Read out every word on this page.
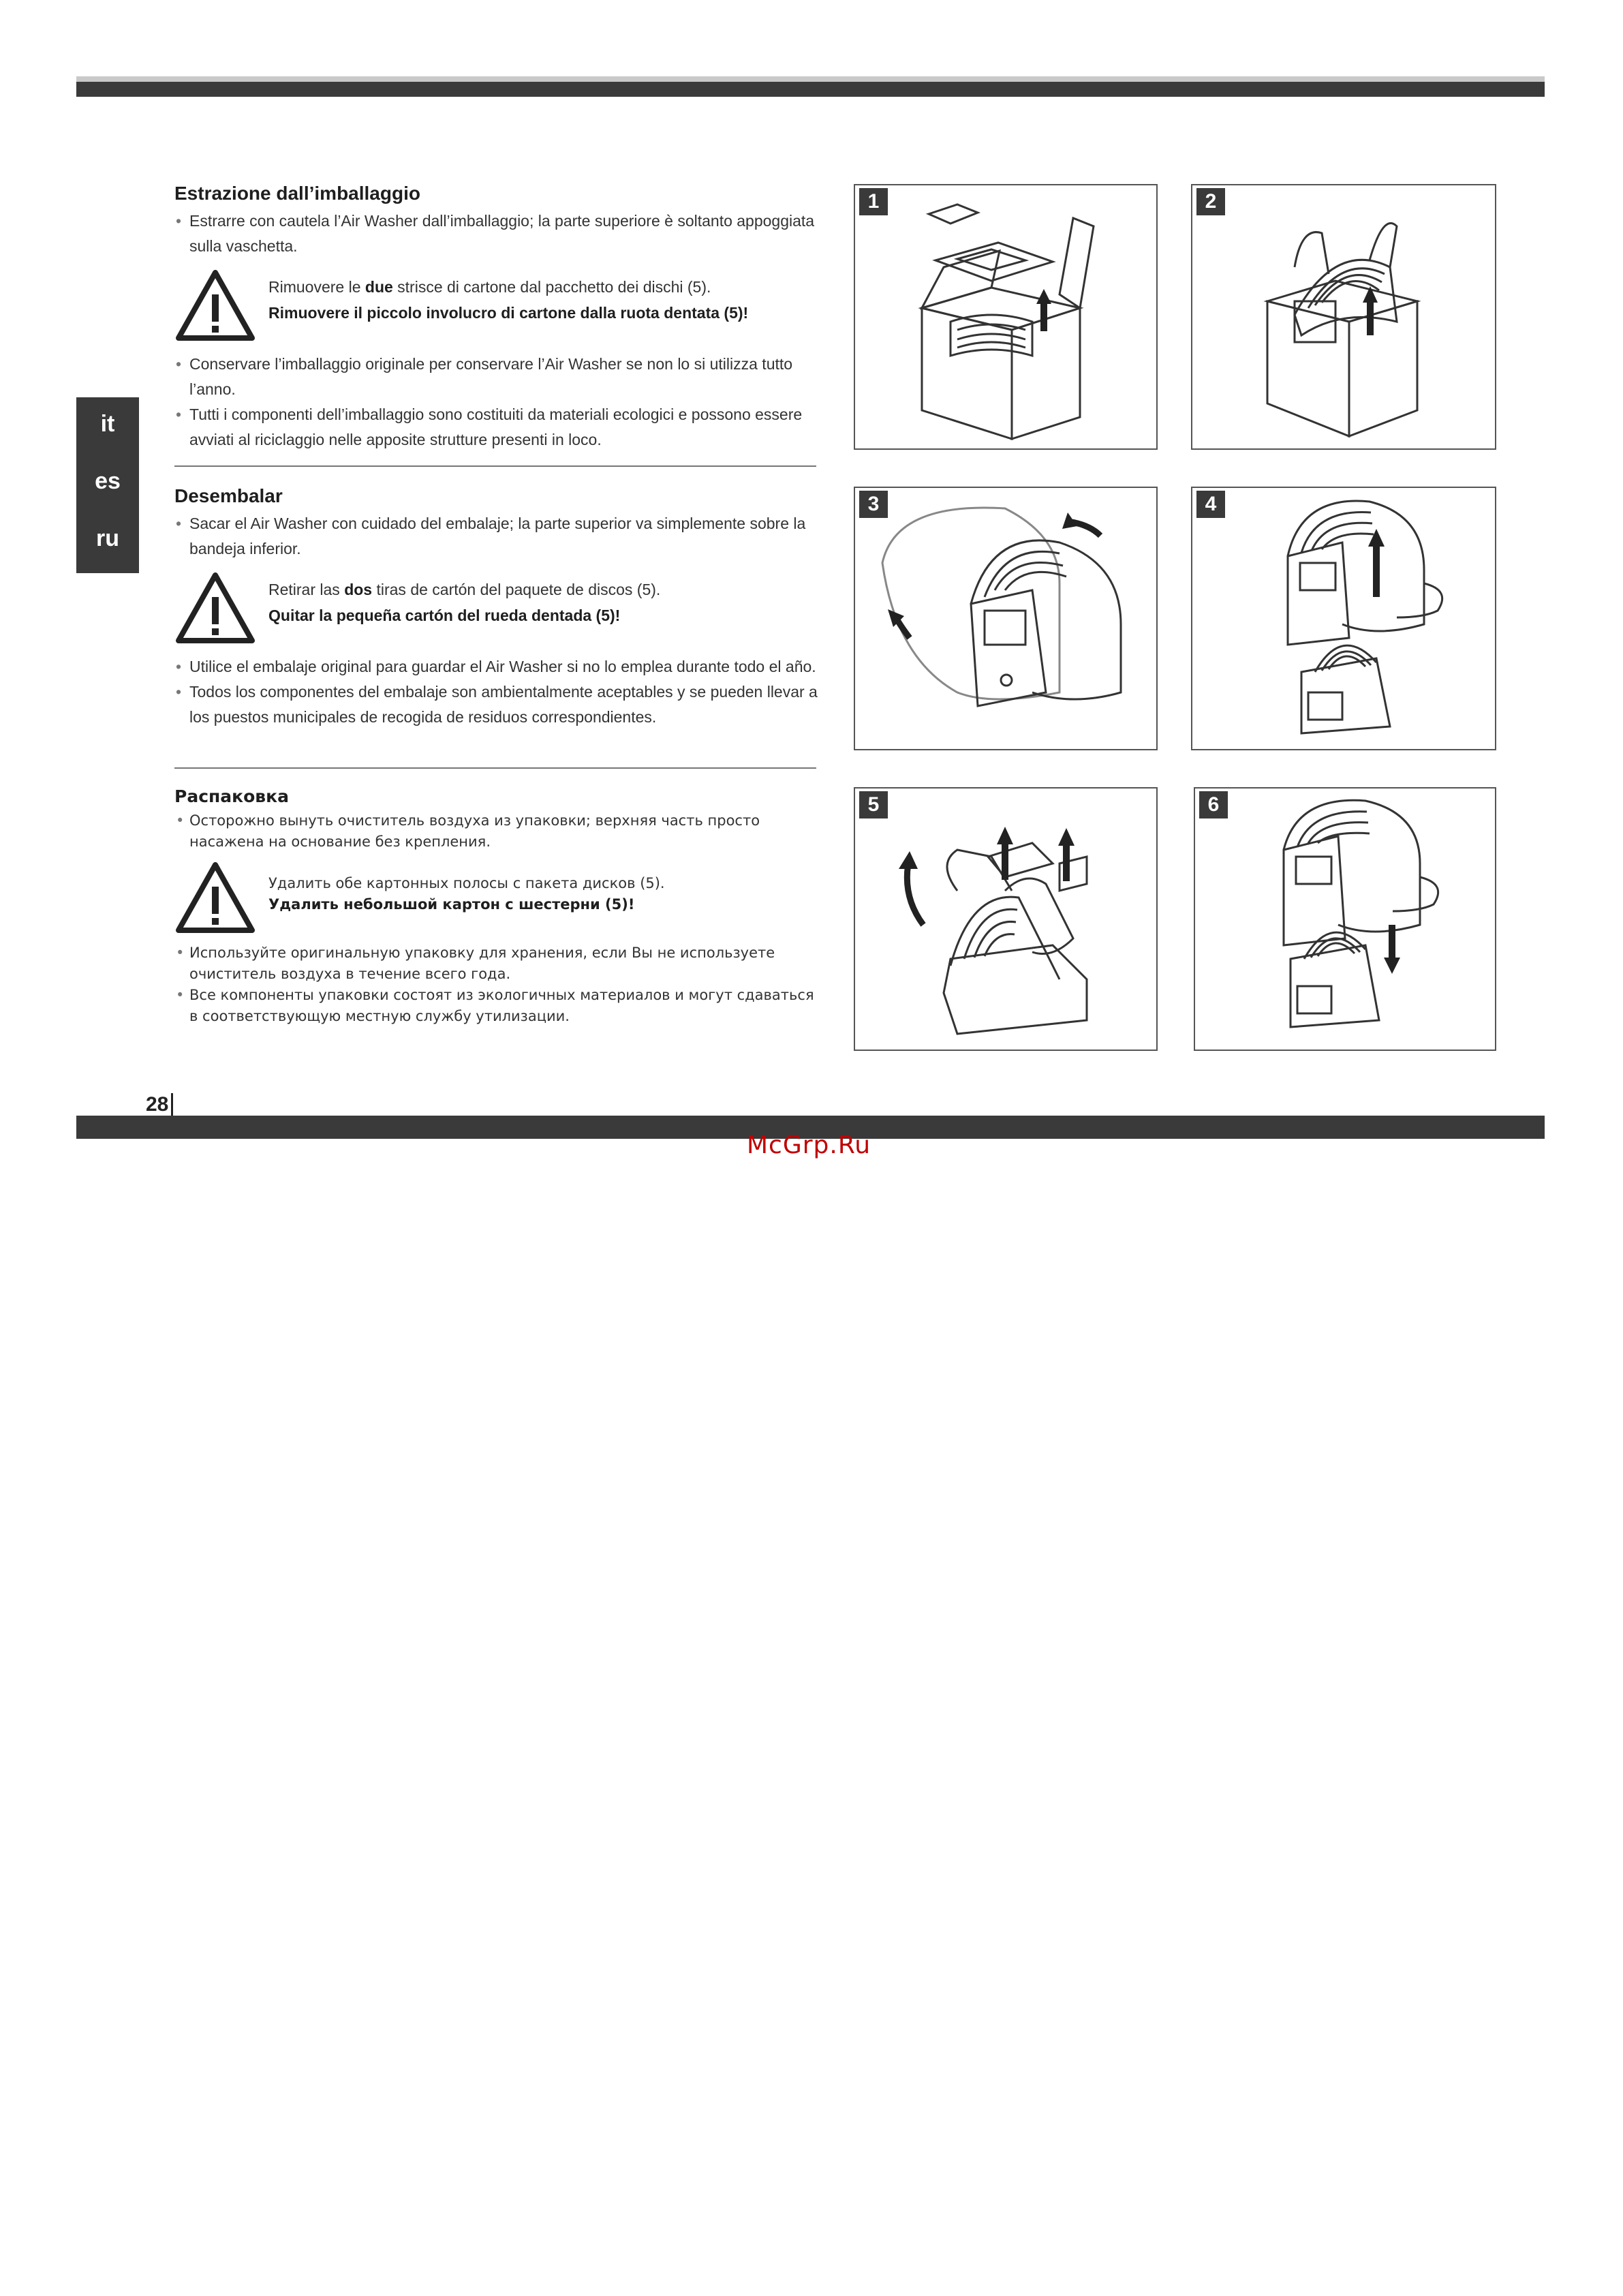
it
es
ru
Estrazione dall’imballaggio

• Estrarre con cautela l’Air Washer dall’imballaggio; la parte superiore è soltanto appoggiata sulla vaschetta.

Rimuovere le due strisce di cartone dal pacchetto dei dischi (5).
Rimuovere il piccolo involucro di cartone dalla ruota dentata (5)!

• Conservare l’imballaggio originale per conservare l’Air Washer se non lo si utilizza tutto l’anno.

• Tutti i componenti dell’imballaggio sono costituiti da materiali ecologici e possono essere avviati al riciclaggio nelle apposite strutture presenti in loco.

Desembalar

• Sacar el Air Washer con cuidado del embalaje; la parte superior va simplemente sobre la bandeja inferior.

Retirar las dos tiras de cartón del paquete de discos (5).
Quitar la pequeña cartón del rueda dentada (5)!

• Utilice el embalaje original para guardar el Air Washer si no lo emplea durante todo el año.

• Todos los componentes del embalaje son ambientalmente aceptables y se pueden llevar a los puestos municipales de recogida de residuos correspondientes.

Распаковка

• Осторожно вынуть очиститель воздуха из упаковки; верхняя часть просто насажена на основание без крепления.

Удалить обе картонных полосы с пакета дисков (5).
Удалить небольшой картон с шестерни (5)!

• Используйте оригинальную упаковку для хранения, если Вы не используете очиститель воздуха в течение всего года.

• Все компоненты упаковки состоят из экологичных материалов и могут сдаваться в соответствующую местную службу утилизации.

1	2
3	4
5	6
28
McGrp.Ru
